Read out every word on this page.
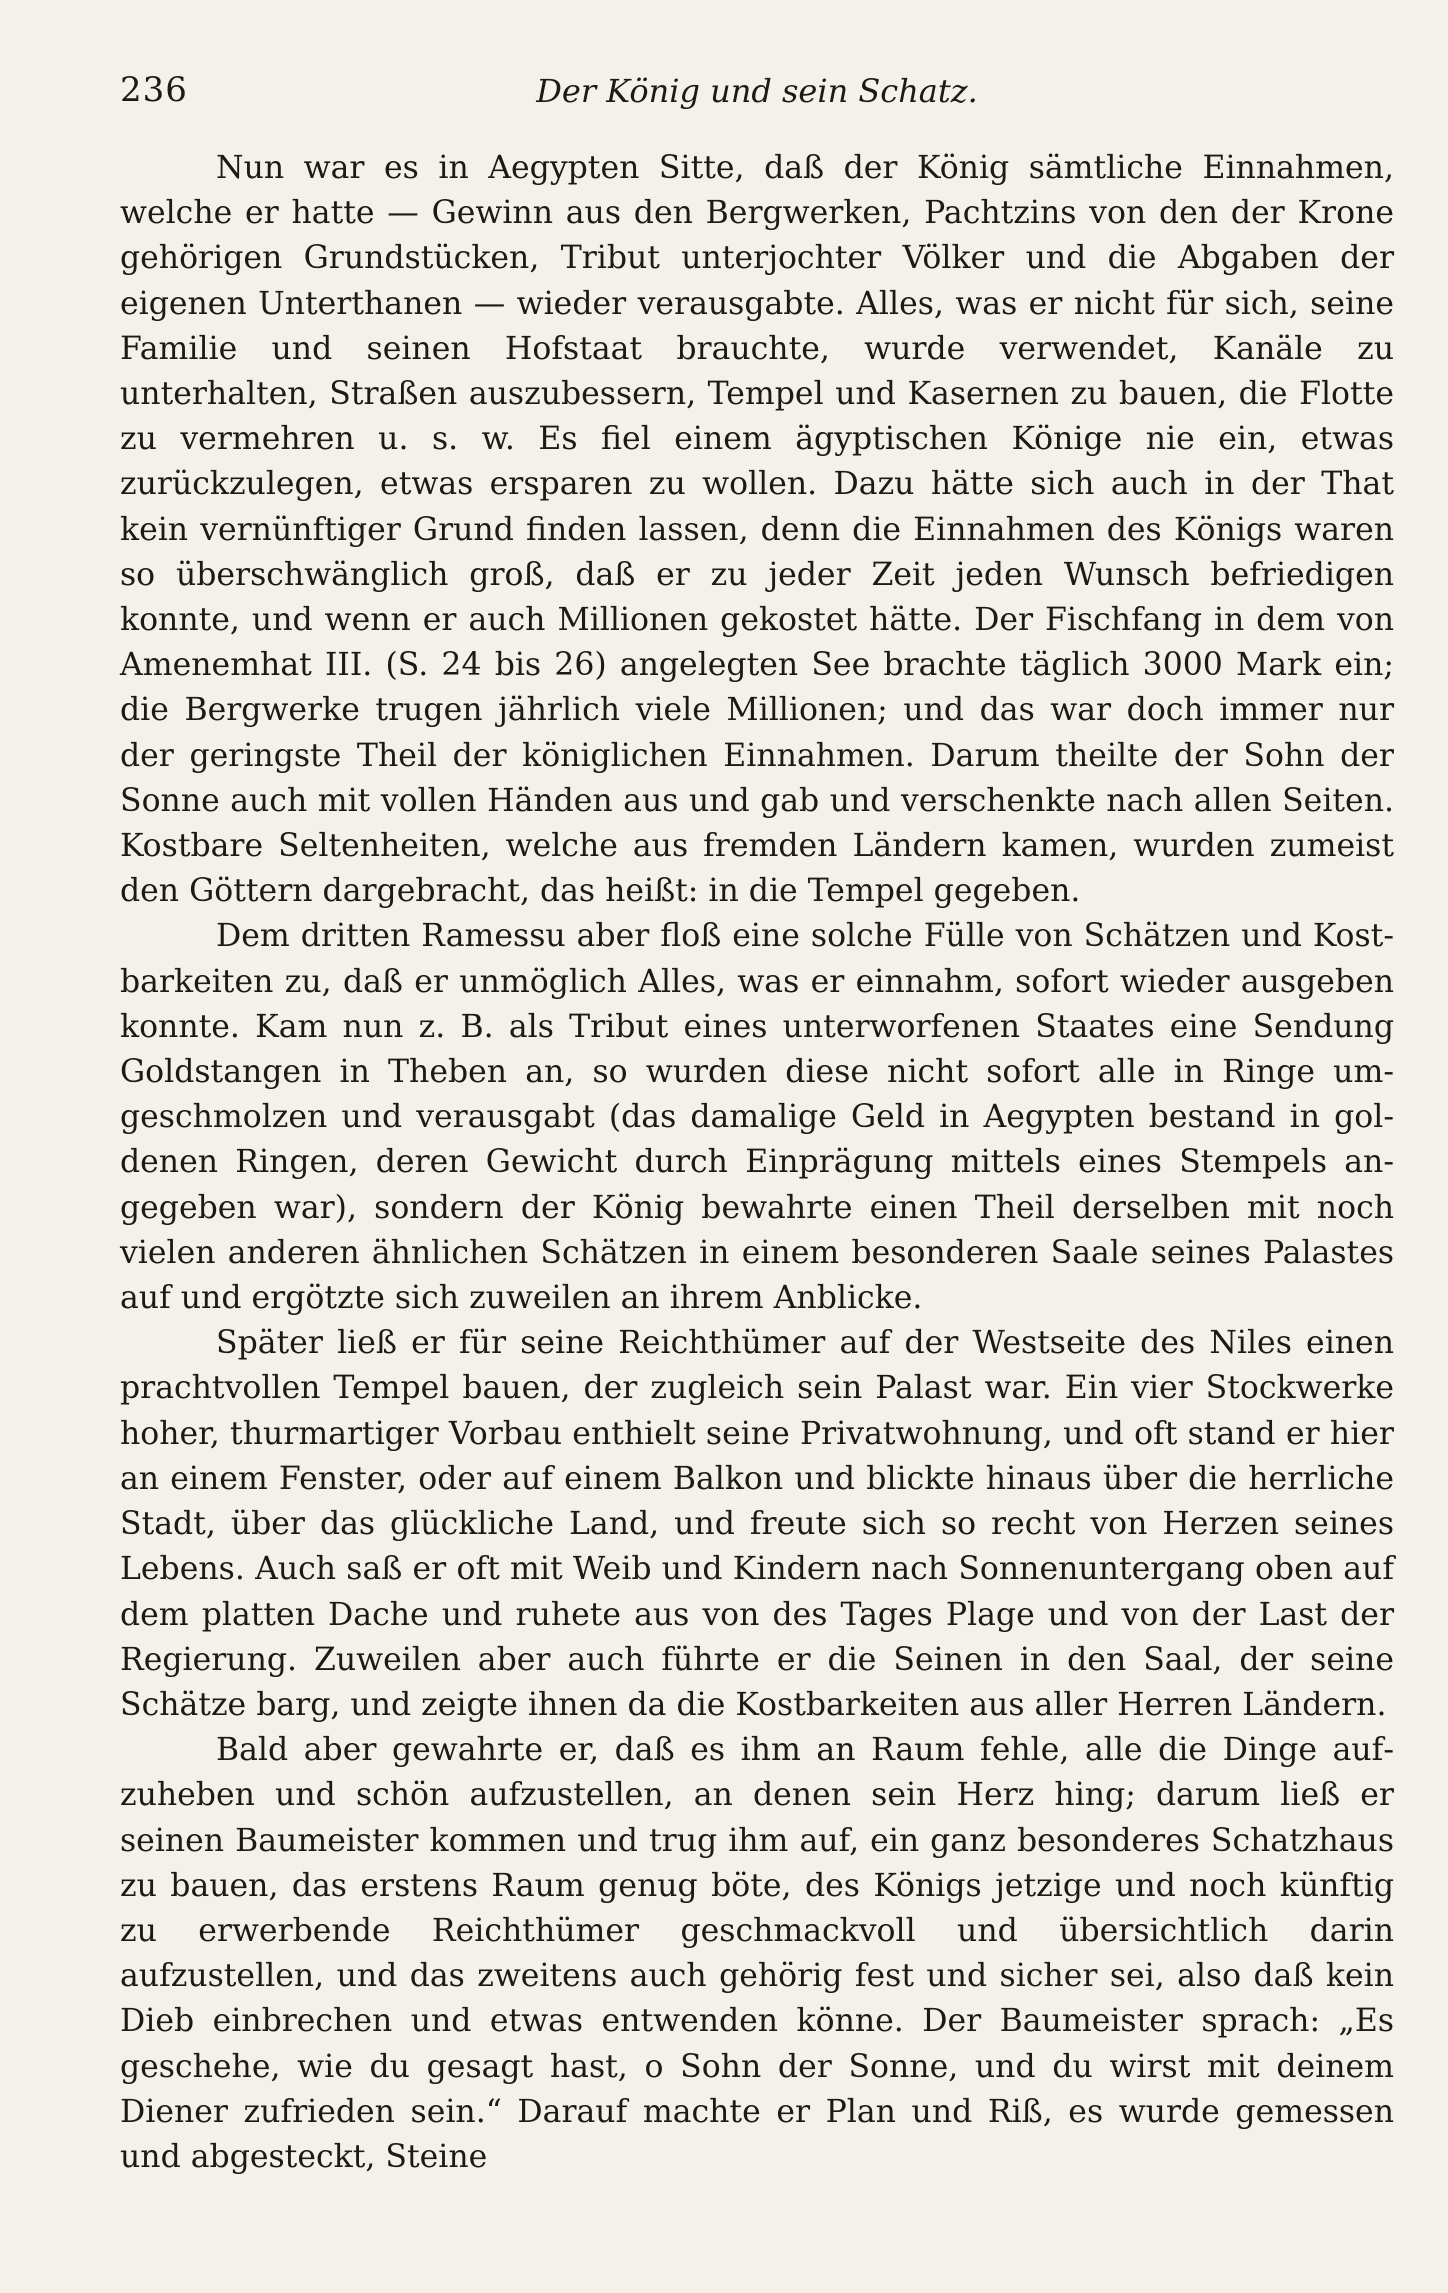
236	Der König und sein Schatz.

Nun war es in Aegypten Sitte, daß der König sämtliche Einnahmen, welche er hatte — Gewinn aus den Bergwerken, Pachtzins von den der Krone gehörigen Grundstücken, Tribut unterjochter Völker und die Abgaben der eigenen Unterthanen — wieder verausgabte. Alles, was er nicht für sich, seine Familie und seinen Hofstaat brauchte, wurde verwendet, Kanäle zu unterhalten, Straßen auszubessern, Tempel und Kasernen zu bauen, die Flotte zu vermehren u. s. w. Es fiel einem ägyptischen Könige nie ein, etwas zurückzulegen, etwas ersparen zu wollen. Dazu hätte sich auch in der That kein vernünftiger Grund finden lassen, denn die Einnahmen des Königs waren so überschwänglich groß, daß er zu jeder Zeit jeden Wunsch befriedigen konnte, und wenn er auch Millionen gekostet hätte. Der Fischfang in dem von Amenemhat III. (S. 24 bis 26) angelegten See brachte täglich 3000 Mark ein; die Bergwerke trugen jährlich viele Millionen; und das war doch immer nur der geringste Theil der königlichen Einnahmen. Darum theilte der Sohn der Sonne auch mit vollen Händen aus und gab und verschenkte nach allen Seiten. Kostbare Seltenheiten, welche aus fremden Ländern kamen, wurden zumeist den Göttern dargebracht, das heißt: in die Tempel gegeben.

Dem dritten Ramessu aber floß eine solche Fülle von Schätzen und Kostbarkeiten zu, daß er unmöglich Alles, was er einnahm, sofort wieder ausgeben konnte. Kam nun z. B. als Tribut eines unterworfenen Staates eine Sendung Goldstangen in Theben an, so wurden diese nicht sofort alle in Ringe umgeschmolzen und verausgabt (das damalige Geld in Aegypten bestand in goldenen Ringen, deren Gewicht durch Einprägung mittels eines Stempels angegeben war), sondern der König bewahrte einen Theil derselben mit noch vielen anderen ähnlichen Schätzen in einem besonderen Saale seines Palastes auf und ergötzte sich zuweilen an ihrem Anblicke.

Später ließ er für seine Reichthümer auf der Westseite des Niles einen prachtvollen Tempel bauen, der zugleich sein Palast war. Ein vier Stockwerke hoher, thurmartiger Vorbau enthielt seine Privatwohnung, und oft stand er hier an einem Fenster, oder auf einem Balkon und blickte hinaus über die herrliche Stadt, über das glückliche Land, und freute sich so recht von Herzen seines Lebens. Auch saß er oft mit Weib und Kindern nach Sonnenuntergang oben auf dem platten Dache und ruhete aus von des Tages Plage und von der Last der Regierung. Zuweilen aber auch führte er die Seinen in den Saal, der seine Schätze barg, und zeigte ihnen da die Kostbarkeiten aus aller Herren Ländern.

Bald aber gewahrte er, daß es ihm an Raum fehle, alle die Dinge aufzuheben und schön aufzustellen, an denen sein Herz hing; darum ließ er seinen Baumeister kommen und trug ihm auf, ein ganz besonderes Schatzhaus zu bauen, das erstens Raum genug böte, des Königs jetzige und noch künftig zu erwerbende Reichthümer geschmackvoll und übersichtlich darin aufzustellen, und das zweitens auch gehörig fest und sicher sei, also daß kein Dieb einbrechen und etwas entwenden könne. Der Baumeister sprach: „Es geschehe, wie du gesagt hast, o Sohn der Sonne, und du wirst mit deinem Diener zufrieden sein.“ Darauf machte er Plan und Riß, es wurde gemessen und abgesteckt, Steine
